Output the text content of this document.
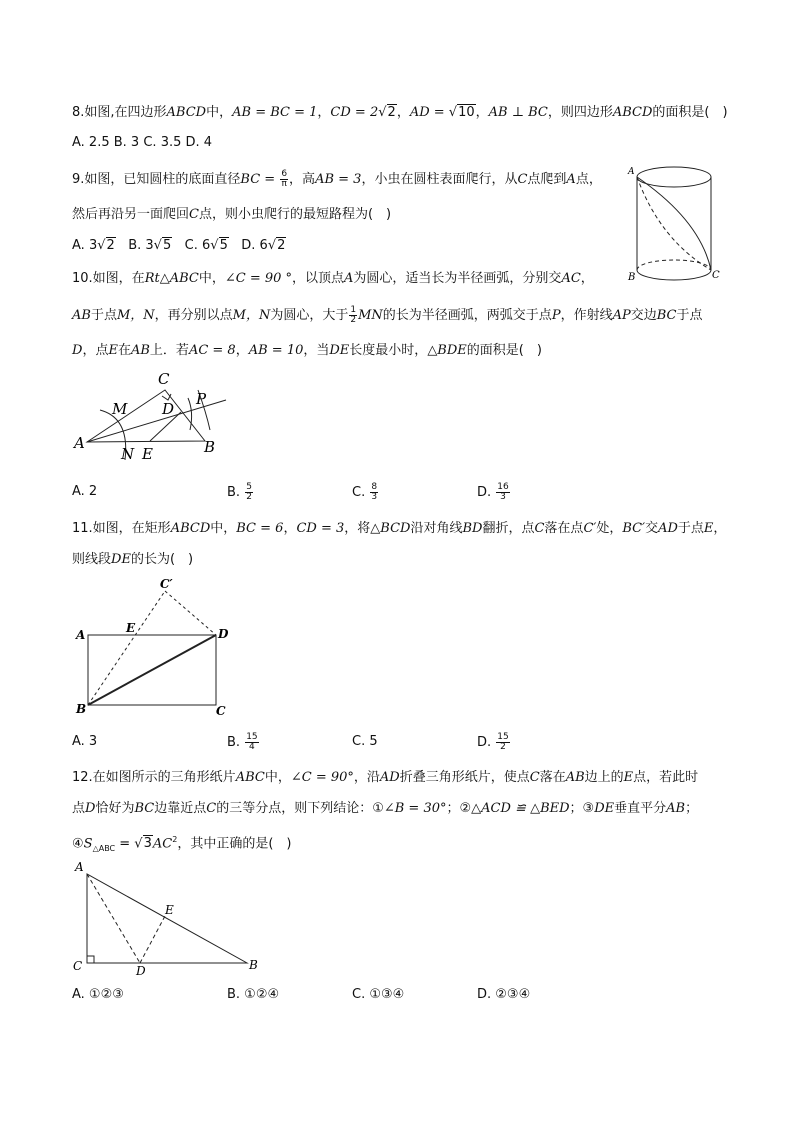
8.如图,在四边形ABCD中，AB = BC = 1，CD = 2√2，AD = √10，AB ⊥ BC，则四边形ABCD的面积是(　)
A. 2.5 B. 3 C. 3.5 D. 4
9.如图，已知圆柱的底面直径BC = $\frac{6}{\pi}$ ，高AB = 3，小虫在圆柱表面爬行，从C点爬到A点，
然后再沿另一面爬回C点，则小虫爬行的最短路程为(　)
A. 3√2 B. 3√5 C. 6√5 D. 6√2
A
B	C
10.如图，在Rt△ABC中，∠C = 90 °，以顶点A为圆心，适当长为半径画弧，分别交AC，
AB于点M，N，再分别以点M，N为圆心，大于 $\frac{1}{2}$ MN的长为半径画弧，两弧交于点P，作射线AP交边BC于点
D，点E在AB上．若AC = 8，AB = 10，当DE长度最小时，△BDE的面积是(　)
A	B
C
D
E
M
N
P
A. 2	B. $\frac{5}{2}$	C. $\frac{8}{3}$	D. $\frac{16}{3}$
11.如图，在矩形ABCD中，BC = 6，CD = 3，将△BCD沿对角线BD翻折，点C落在点C′处，BC′交AD于点E，
则线段DE的长为(　)
A
B	C
D
E
C′
A. 3	B. $\frac{15}{4}$	C. 5	D. $\frac{15}{2}$
12.在如图所示的三角形纸片ABC中，∠C = 90°，沿AD折叠三角形纸片，使点C落在AB边上的E点，若此时
点D恰好为BC边靠近点C的三等分点，则下列结论：①∠B = 30°；②△ACD ≌ △BED；③DE垂直平分AB；
$④S_{\triangle ABC} = √3AC^2$，其中正确的是(　)
A
B
C	D
E
A. ①②③	B. ①②④	C. ①③④	D. ②③④
